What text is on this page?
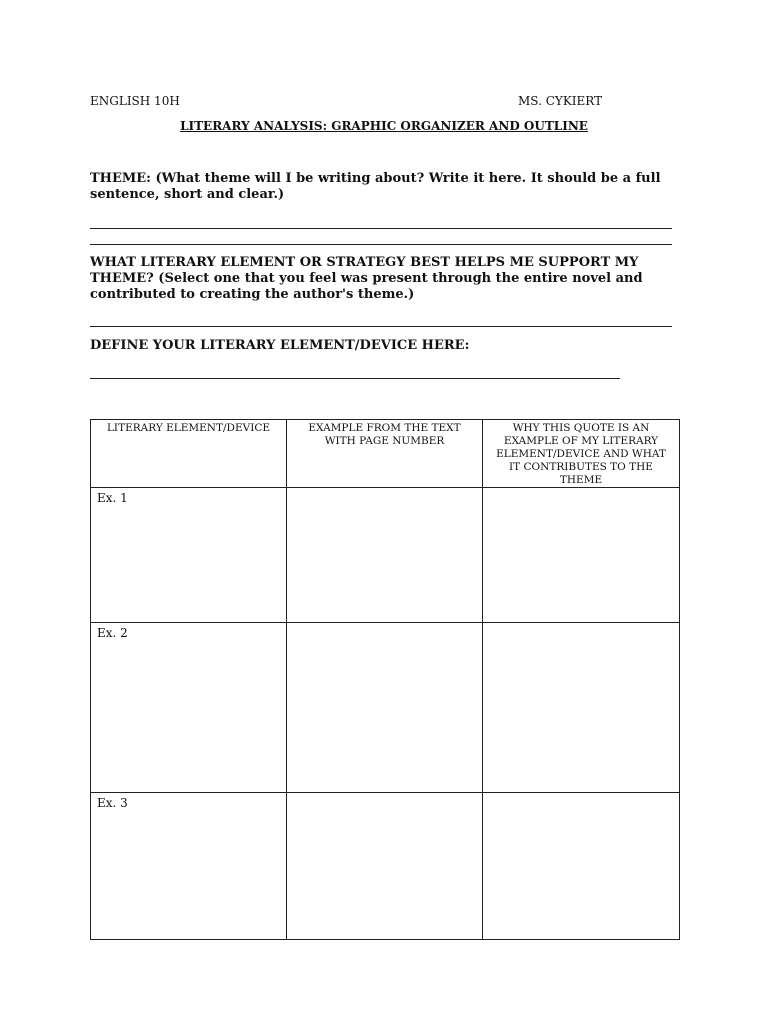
ENGLISH 10H	MS. CYKIERT
LITERARY ANALYSIS: GRAPHIC ORGANIZER AND OUTLINE
THEME: (What theme will I be writing about? Write it here. It should be a full sentence, short and clear.)
WHAT LITERARY ELEMENT OR STRATEGY BEST HELPS ME SUPPORT MY THEME? (Select one that you feel was present through the entire novel and contributed to creating the author's theme.)
DEFINE YOUR LITERARY ELEMENT/DEVICE HERE:
LITERARY ELEMENT/DEVICE	EXAMPLE FROM THE TEXT WITH PAGE NUMBER	WHY THIS QUOTE IS AN EXAMPLE OF MY LITERARY ELEMENT/DEVICE AND WHAT IT CONTRIBUTES TO THE THEME
Ex. 1		
Ex. 2		
Ex. 3		
